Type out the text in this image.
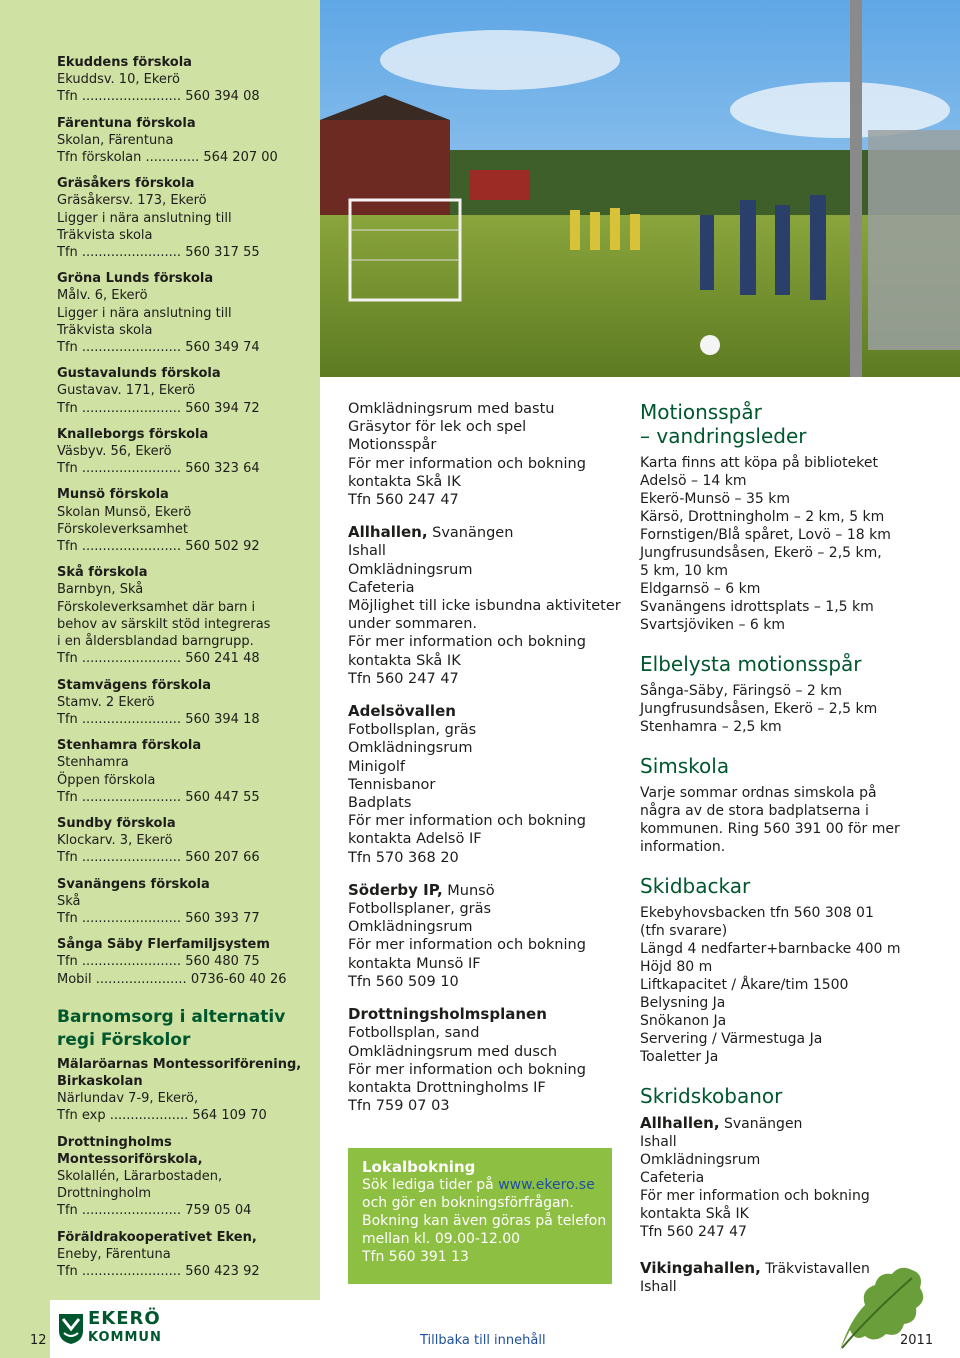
Ekuddens förskola
Ekuddsv. 10, Ekerö
Tfn ........................ 560 394 08
Färentuna förskola
Skolan, Färentuna
Tfn förskolan ............. 564 207 00
Gräsåkers förskola
Gräsåkersv. 173, Ekerö
Ligger i nära anslutning till
Träkvista skola
Tfn ........................ 560 317 55
Gröna Lunds förskola
Målv. 6, Ekerö
Ligger i nära anslutning till
Träkvista skola
Tfn ........................ 560 349 74
Gustavalunds förskola
Gustavav. 171, Ekerö
Tfn ........................ 560 394 72
Knalleborgs förskola
Väsbyv. 56, Ekerö
Tfn ........................ 560 323 64
Munsö förskola
Skolan Munsö, Ekerö
Förskoleverksamhet
Tfn ........................ 560 502 92
Skå förskola
Barnbyn, Skå
Förskoleverksamhet där barn i
behov av särskilt stöd integreras
i en åldersblandad barngrupp.
Tfn ........................ 560 241 48
Stamvägens förskola
Stamv. 2 Ekerö
Tfn ........................ 560 394 18
Stenhamra förskola
Stenhamra
Öppen förskola
Tfn ........................ 560 447 55
Sundby förskola
Klockarv. 3, Ekerö
Tfn ........................ 560 207 66
Svanängens förskola
Skå
Tfn ........................ 560 393 77
Sånga Säby Flerfamiljsystem
Tfn ........................ 560 480 75
Mobil ...................... 0736-60 40 26
Barnomsorg i alternativ
regi Förskolor
Mälaröarnas Montessoriförening,
Birkaskolan
Närlundav 7-9, Ekerö,
Tfn exp ................... 564 109 70
Drottningholms Montessoriförskola,
Skolallén, Lärarbostaden,
Drottningholm
Tfn ........................ 759 05 04
Föräldrakooperativet Eken,
Eneby, Färentuna
Tfn ........................ 560 423 92
Omklädningsrum med bastu
Gräsytor för lek och spel
Motionsspår
För mer information och bokning
kontakta Skå IK
Tfn 560 247 47
Allhallen, Svanängen
Ishall
Omklädningsrum
Cafeteria
Möjlighet till icke isbundna aktiviteter
under sommaren.
För mer information och bokning
kontakta Skå IK
Tfn 560 247 47
Adelsövallen
Fotbollsplan, gräs
Omklädningsrum
Minigolf
Tennisbanor
Badplats
För mer information och bokning
kontakta Adelsö IF
Tfn 570 368 20
Söderby IP, Munsö
Fotbollsplaner, gräs
Omklädningsrum
För mer information och bokning
kontakta Munsö IF
Tfn 560 509 10
Drottningsholmsplanen
Fotbollsplan, sand
Omklädningsrum med dusch
För mer information och bokning
kontakta Drottningholms IF
Tfn 759 07 03
Lokalbokning
Sök lediga tider på www.ekero.se
och gör en bokningsförfrågan.
Bokning kan även göras på telefon
mellan kl. 09.00-12.00
Tfn 560 391 13
Motionsspår
– vandringsleder
Karta finns att köpa på biblioteket
Adelsö – 14 km
Ekerö-Munsö – 35 km
Kärsö, Drottningholm – 2 km, 5 km
Fornstigen/Blå spåret, Lovö – 18 km
Jungfrusundsåsen, Ekerö – 2,5 km,
5 km, 10 km
Eldgarnsö – 6 km
Svanängens idrottsplats – 1,5 km
Svartsjöviken – 6 km
Elbelysta motionsspår
Sånga-Säby, Färingsö – 2 km
Jungfrusundsåsen, Ekerö – 2,5 km
Stenhamra – 2,5 km
Simskola
Varje sommar ordnas simskola på
några av de stora badplatserna i
kommunen. Ring 560 391 00 för mer
information.
Skidbackar
Ekebyhovsbacken tfn 560 308 01
(tfn svarare)
Längd 4 nedfarter+barnbacke 400 m
Höjd 80 m
Liftkapacitet / Åkare/tim 1500
Belysning Ja
Snökanon Ja
Servering / Värmestuga Ja
Toaletter Ja
Skridskobanor
Allhallen, Svanängen
Ishall
Omklädningsrum
Cafeteria
För mer information och bokning
kontakta Skå IK
Tfn 560 247 47
Vikingahallen, Träkvistavallen
Ishall
12
EKERÖ
KOMMUN	Tillbaka till innehåll	2011
